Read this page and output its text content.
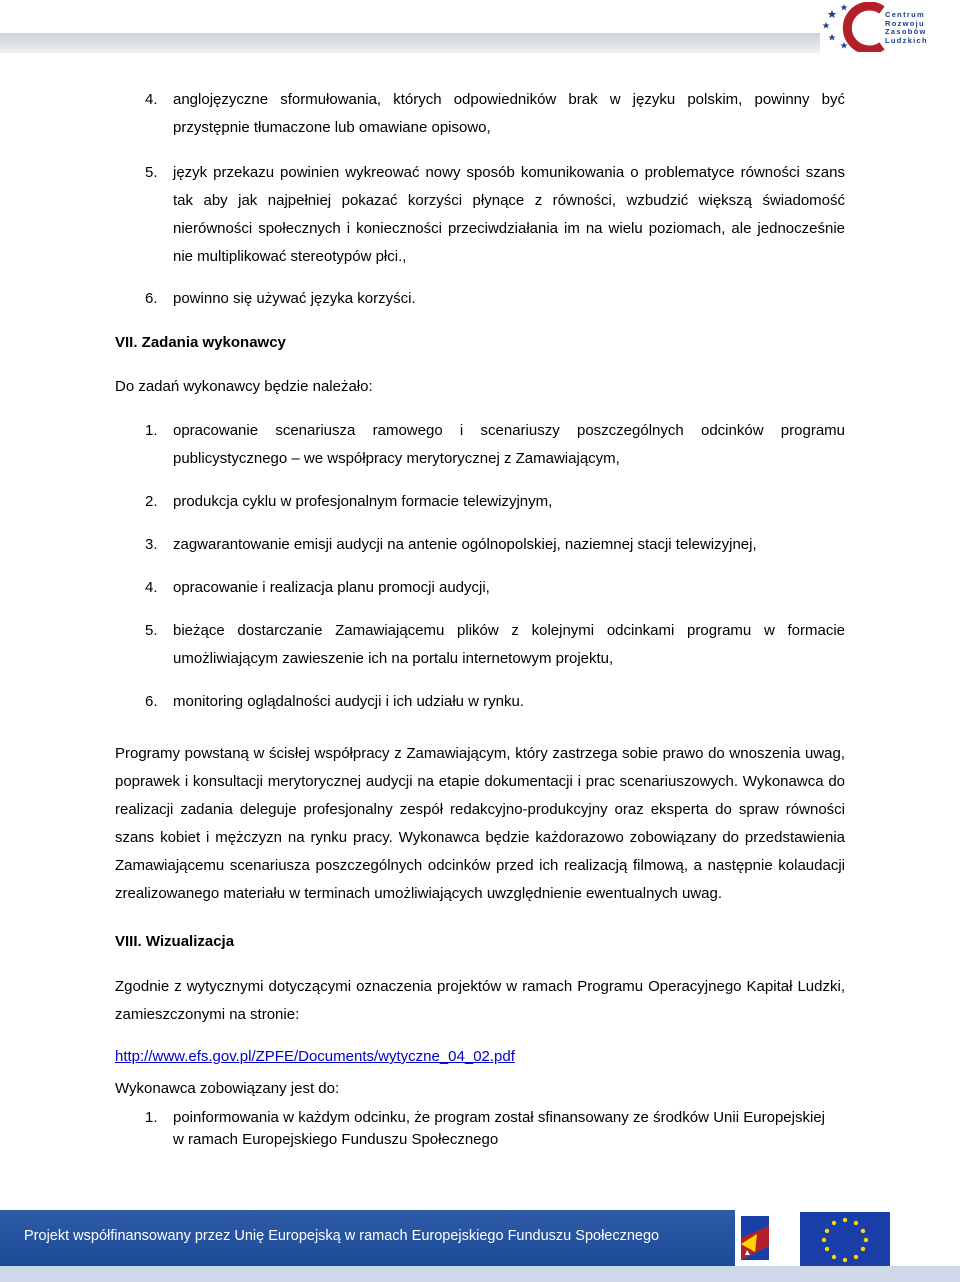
Centrum
Rozwoju
Zasobów
Ludzkich
4. anglojęzyczne sformułowania, których odpowiedników brak w języku polskim, powinny być przystępnie tłumaczone lub omawiane opisowo,
5. język przekazu powinien wykreować nowy sposób komunikowania o problematyce równości szans tak aby jak najpełniej pokazać korzyści płynące z równości, wzbudzić większą świadomość nierówności społecznych i konieczności przeciwdziałania im na wielu poziomach, ale jednocześnie nie multiplikować stereotypów płci.,
6. powinno się używać języka korzyści.
VII. Zadania wykonawcy
Do zadań wykonawcy będzie należało:
1. opracowanie scenariusza ramowego i scenariuszy poszczególnych odcinków programu publicystycznego – we współpracy merytorycznej z Zamawiającym,
2. produkcja cyklu w profesjonalnym formacie telewizyjnym,
3. zagwarantowanie emisji audycji na antenie ogólnopolskiej, naziemnej stacji telewizyjnej,
4. opracowanie i realizacja planu promocji audycji,
5. bieżące dostarczanie Zamawiającemu plików z kolejnymi odcinkami programu w formacie umożliwiającym zawieszenie ich na portalu internetowym projektu,
6. monitoring oglądalności audycji i ich udziału w rynku.
Programy powstaną w ścisłej współpracy z Zamawiającym, który zastrzega sobie prawo do wnoszenia uwag, poprawek i konsultacji merytorycznej audycji na etapie dokumentacji i prac scenariuszowych. Wykonawca do realizacji zadania deleguje profesjonalny zespół redakcyjno-produkcyjny oraz eksperta do spraw równości szans kobiet i mężczyzn na rynku pracy. Wykonawca będzie każdorazowo zobowiązany do przedstawienia Zamawiającemu scenariusza poszczególnych odcinków przed ich realizacją filmową, a następnie kolaudacji zrealizowanego materiału w terminach umożliwiających uwzględnienie ewentualnych uwag.
VIII. Wizualizacja
Zgodnie z wytycznymi dotyczącymi oznaczenia projektów w ramach Programu Operacyjnego Kapitał Ludzki, zamieszczonymi na stronie:
http://www.efs.gov.pl/ZPFE/Documents/wytyczne_04_02.pdf
Wykonawca zobowiązany jest do:
1. poinformowania w każdym odcinku, że program został sfinansowany ze środków Unii Europejskiej w ramach Europejskiego Funduszu Społecznego
Projekt współfinansowany przez Unię Europejską w ramach Europejskiego Funduszu Społecznego
